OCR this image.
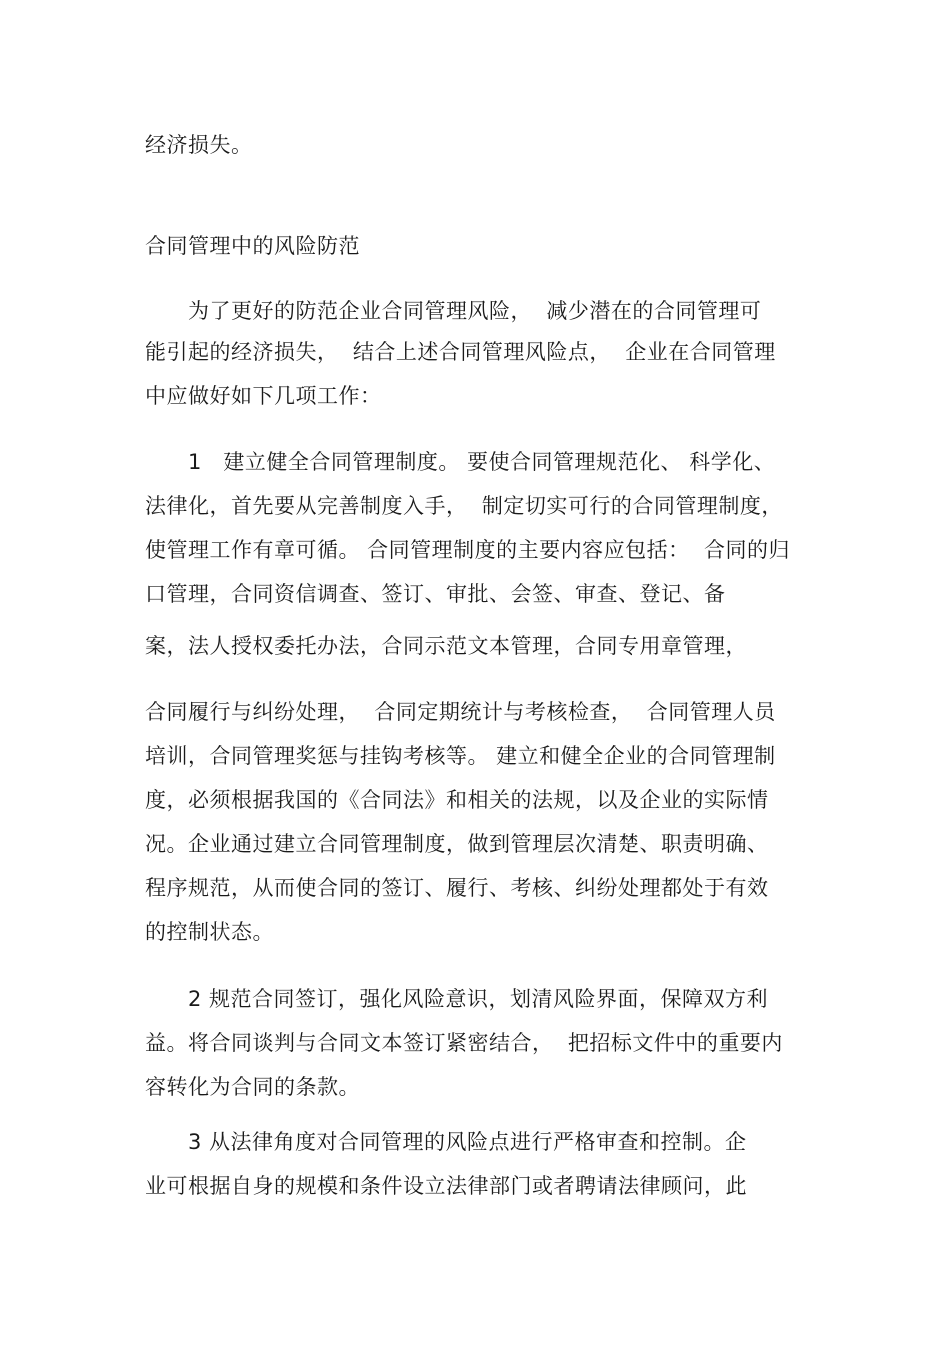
经济损失。
合同管理中的风险防范
为了更好的防范企业合同管理风险，  减少潜在的合同管理可
能引起的经济损失，  结合上述合同管理风险点，  企业在合同管理
中应做好如下几项工作：
1   建立健全合同管理制度。 要使合同管理规范化、 科学化、
法律化，首先要从完善制度入手，  制定切实可行的合同管理制度，
使管理工作有章可循。 合同管理制度的主要内容应包括：  合同的归
口管理，合同资信调查、签订、审批、会签、审查、登记、备
案，法人授权委托办法，合同示范文本管理，合同专用章管理，
合同履行与纠纷处理，  合同定期统计与考核检查，  合同管理人员
培训，合同管理奖惩与挂钩考核等。 建立和健全企业的合同管理制
度，必须根据我国的《合同法》和相关的法规，以及企业的实际情
况。企业通过建立合同管理制度，做到管理层次清楚、职责明确、
程序规范，从而使合同的签订、履行、考核、纠纷处理都处于有效
的控制状态。
2 规范合同签订，强化风险意识，划清风险界面，保障双方利
益。将合同谈判与合同文本签订紧密结合，  把招标文件中的重要内
容转化为合同的条款。
3 从法律角度对合同管理的风险点进行严格审查和控制。企
业可根据自身的规模和条件设立法律部门或者聘请法律顾问，此
